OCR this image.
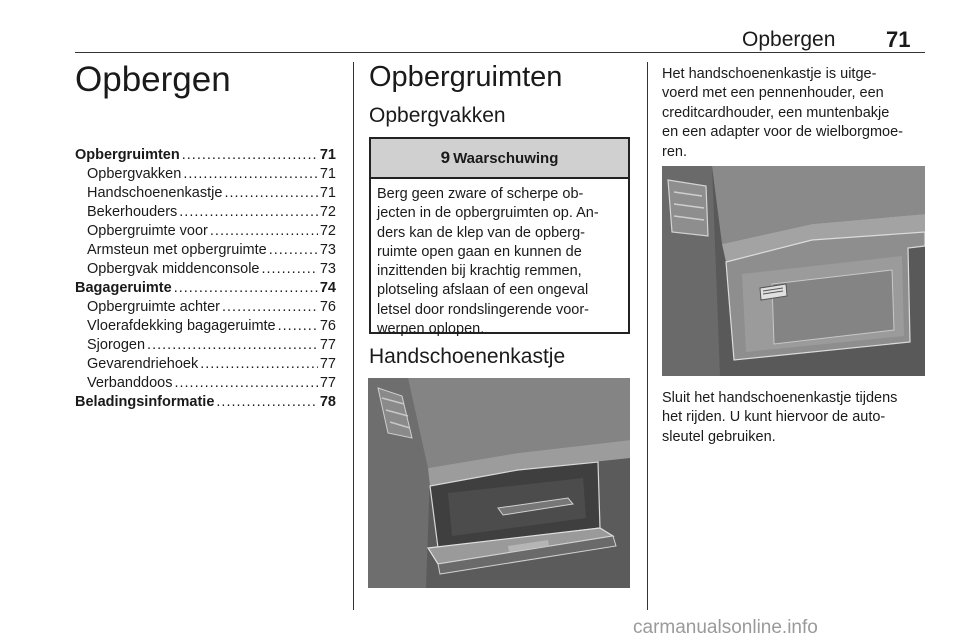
Opbergen 71
Opbergen
Opbergruimten .....	71
Opbergvakken .....	71
Handschoenenkastje .....	71
Bekerhouders .....	72
Opbergruimte voor .....	72
Armsteun met opbergruimte .....	73
Opbergvak middenconsole .....	73
Bagageruimte .....	74
Opbergruimte achter .....	76
Vloerafdekking bagageruimte .....	76
Sjorogen .....	77
Gevarendriehoek .....	77
Verbanddoos .....	77
Beladingsinformatie .....	78
Opbergruimten
Opbergvakken
9 Waarschuwing
Berg geen zware of scherpe ob-
jecten in de opbergruimten op. An-
ders kan de klep van de opberg-
ruimte open gaan en kunnen de
inzittenden bij krachtig remmen,
plotseling afslaan of een ongeval
letsel door rondslingerende voor-
werpen oplopen.
Handschoenenkastje
Het handschoenenkastje is uitge-
voerd met een pennenhouder, een
creditcardhouder, een muntenbakje
en een adapter voor de wielborgmoe-
ren.
Sluit het handschoenenkastje tijdens
het rijden. U kunt hiervoor de auto-
sleutel gebruiken.
carmanualsonline.info
